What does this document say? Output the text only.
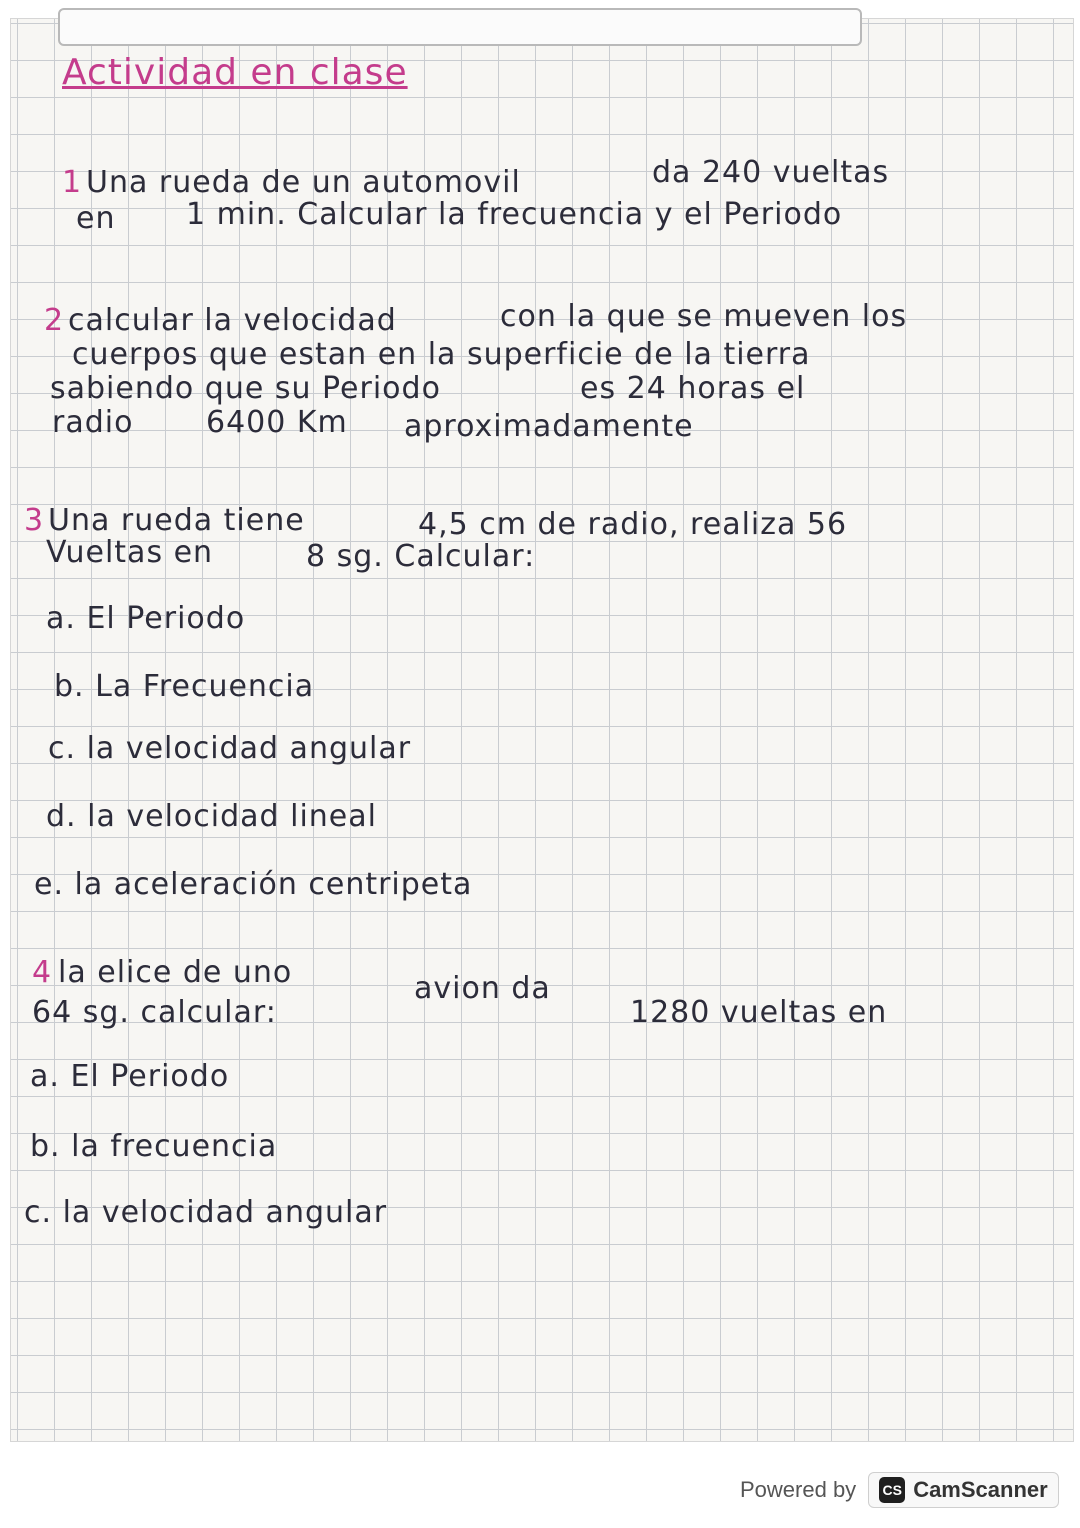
Actividad en clase
1 Una rueda de un automovil	da 240 vueltas
en 1 min. Calcular la frecuencia y el Periodo
2 calcular la velocidad	con la que se mueven los
cuerpos que estan en la superficie de la tierra
sabiendo que su Periodo	es 24 horas el
radio 6400 Km aproximadamente
3 Una rueda tiene	4,5 cm de radio, realiza 56
Vueltas en	8 sg. Calcular:
a. El Periodo
b. La Frecuencia
c. la velocidad angular
d. la velocidad lineal
e. la aceleración centripeta
4 la elice de uno	avion da
1280 vueltas en
64 sg. calcular:
a. El Periodo
b. la frecuencia
c. la velocidad angular
Powered by CS CamScanner
